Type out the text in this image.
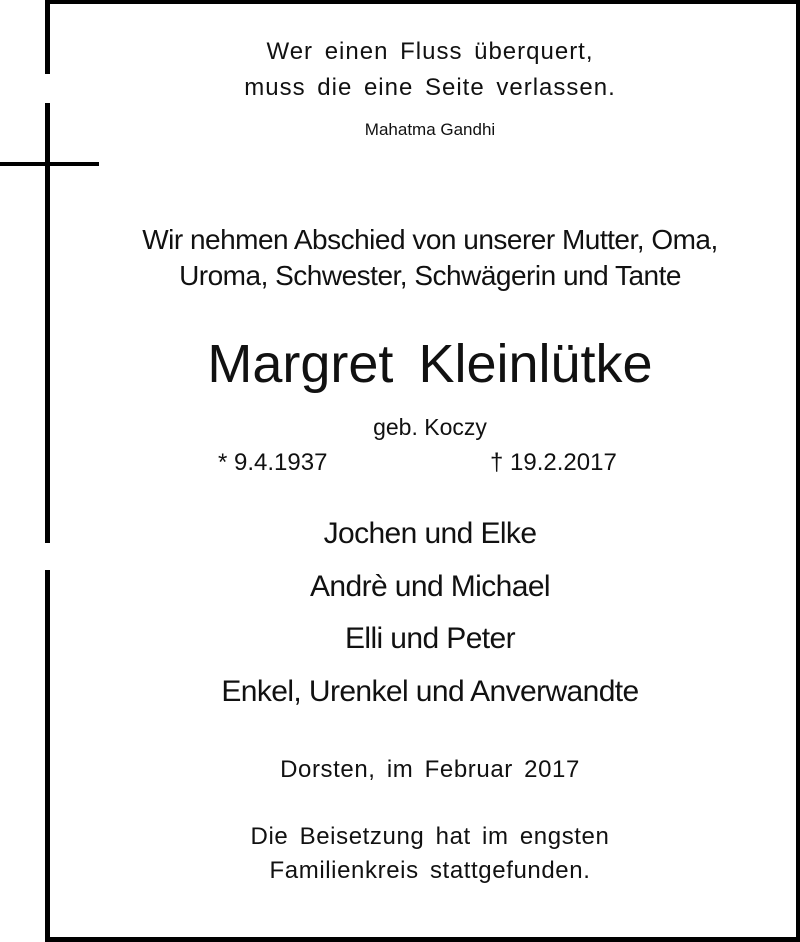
Wer einen Fluss überquert,
muss die eine Seite verlassen.
Mahatma Gandhi
Wir nehmen Abschied von unserer Mutter, Oma,
Uroma, Schwester, Schwägerin und Tante
Margret Kleinlütke
geb. Koczy
* 9.4.1937	† 19.2.2017
Jochen und Elke
Andrè und Michael
Elli und Peter
Enkel, Urenkel und Anverwandte
Dorsten, im Februar 2017
Die Beisetzung hat im engsten
Familienkreis stattgefunden.
